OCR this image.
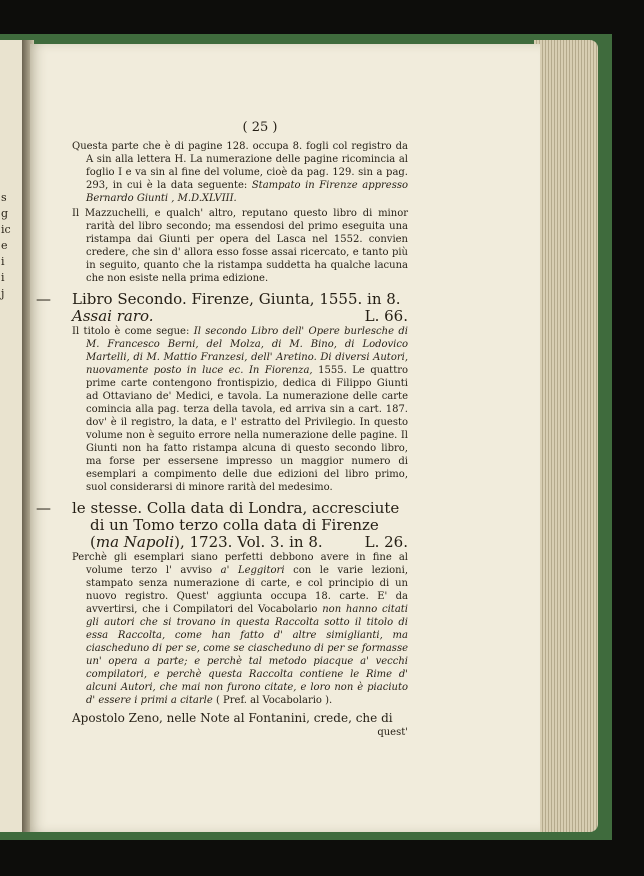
s
g
ic
e
i
i
j
( 25 )

Questa parte che è di pagine 128. occupa 8. fogli col registro da A sin alla lettera H. La numerazione delle pagine ricomincia al foglio I e va sin al fine del volume, cioè da pag. 129. sin a pag. 293, in cui è la data seguente: Stampato in Firenze appresso Bernardo Giunti , M.D.XLVIII.

Il Mazzuchelli, e qualch' altro, reputano questo libro di minor rarità del libro secondo; ma essendosi del primo eseguita una ristampa dai Giunti per opera del Lasca nel 1552. convien credere, che sin d' allora esso fosse assai ricercato, e tanto più in seguito, quanto che la ristampa suddetta ha qualche lacuna che non esiste nella prima edizione.

— Libro Secondo. Firenze, Giunta, 1555. in 8.
Assai raro.	L. 66.

Il titolo è come segue: Il secondo Libro dell' Opere burlesche di M. Francesco Berni, del Molza, di M. Bino, di Lodovico Martelli, di M. Mattio Franzesi, dell' Aretino. Di diversi Autori, nuovamente posto in luce ec. In Fiorenza, 1555. Le quattro prime carte contengono frontispizio, dedica di Filippo Giunti ad Ottaviano de' Medici, e tavola. La numerazione delle carte comincia alla pag. terza della tavola, ed arriva sin a cart. 187. dov' è il registro, la data, e l' estratto del Privilegio. In questo volume non è seguito errore nella numerazione delle pagine. Il Giunti non ha fatto ristampa alcuna di questo secondo libro, ma forse per essersene impresso un maggior numero di esemplari a compimento delle due edizioni del libro primo, suol considerarsi di minore rarità del medesimo.

— le stesse. Colla data di Londra, accresciute di un Tomo terzo colla data di Firenze (ma Napoli), 1723. Vol. 3. in 8.	L. 26.

Perchè gli esemplari siano perfetti debbono avere in fine al volume terzo l' avviso a' Leggitori con le varie lezioni, stampato senza numerazione di carte, e col principio di un nuovo registro. Quest' aggiunta occupa 18. carte. E' da avvertirsi, che i Compilatori del Vocabolario non hanno citati gli autori che si trovano in questa Raccolta sotto il titolo di essa Raccolta, come han fatto d' altre simiglianti, ma ciascheduno di per se, come se ciascheduno di per se formasse un' opera a parte; e perchè tal metodo piacque a' vecchi compilatori, e perchè questa Raccolta contiene le Rime d' alcuni Autori, che mai non furono citate, e loro non è piaciuto d' essere i primi a citarle ( Pref. al Vocabolario ).

Apostolo Zeno, nelle Note al Fontanini, crede, che di

quest'
